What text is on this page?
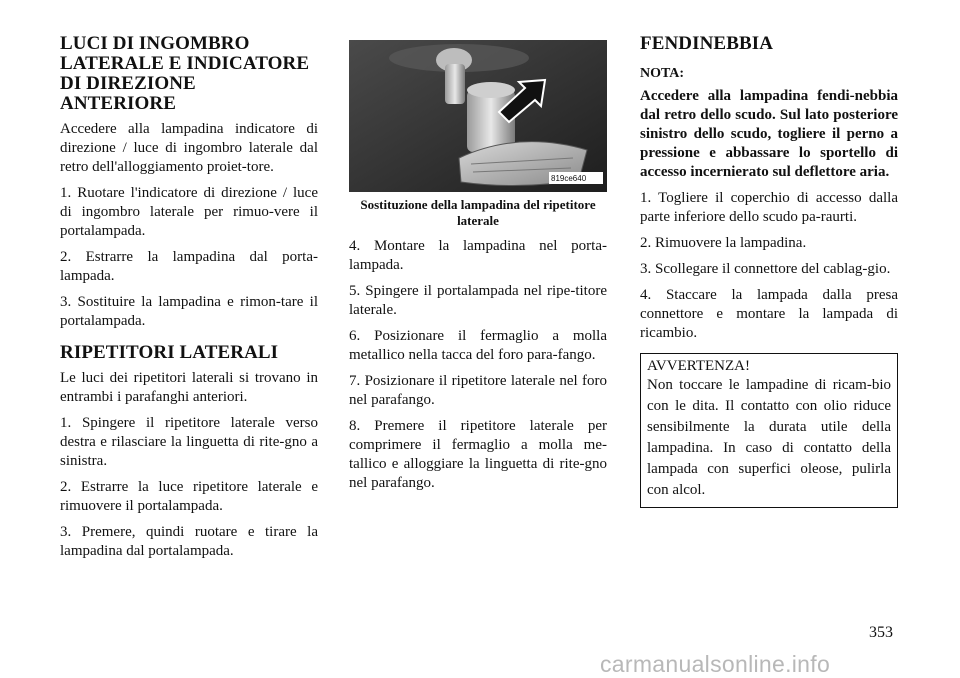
LUCI DI INGOMBRO LATERALE E INDICATORE DI DIREZIONE ANTERIORE

Accedere alla lampadina indicatore di direzione / luce di ingombro laterale dal retro dell'alloggiamento proiet-tore.

1. Ruotare l'indicatore di direzione / luce di ingombro laterale per rimuo-vere il portalampada.

2. Estrarre la lampadina dal porta-lampada.

3. Sostituire la lampadina e rimon-tare il portalampada.

RIPETITORI LATERALI

Le luci dei ripetitori laterali si trovano in entrambi i parafanghi anteriori.

1. Spingere il ripetitore laterale verso destra e rilasciare la linguetta di rite-gno a sinistra.

2. Estrarre la luce ripetitore laterale e rimuovere il portalampada.

3. Premere, quindi ruotare e tirare la lampadina dal portalampada.

819ce640
Sostituzione della lampadina del ripetitore laterale

4. Montare la lampadina nel porta-lampada.

5. Spingere il portalampada nel ripe-titore laterale.

6. Posizionare il fermaglio a molla metallico nella tacca del foro para-fango.

7. Posizionare il ripetitore laterale nel foro nel parafango.

8. Premere il ripetitore laterale per comprimere il fermaglio a molla me-tallico e alloggiare la linguetta di rite-gno nel parafango.

FENDINEBBIA

NOTA:

Accedere alla lampadina fendi-nebbia dal retro dello scudo. Sul lato posteriore sinistro dello scudo, togliere il perno a pressione e abbassare lo sportello di accesso incernierato sul deflettore aria.

1. Togliere il coperchio di accesso dalla parte inferiore dello scudo pa-raurti.

2. Rimuovere la lampadina.

3. Scollegare il connettore del cablag-gio.

4. Staccare la lampada dalla presa connettore e montare la lampada di ricambio.

AVVERTENZA!

Non toccare le lampadine di ricam-bio con le dita. Il contatto con olio riduce sensibilmente la durata utile della lampadina. In caso di contatto della lampada con superfici oleose, pulirla con alcol.

353
carmanualsonline.info
